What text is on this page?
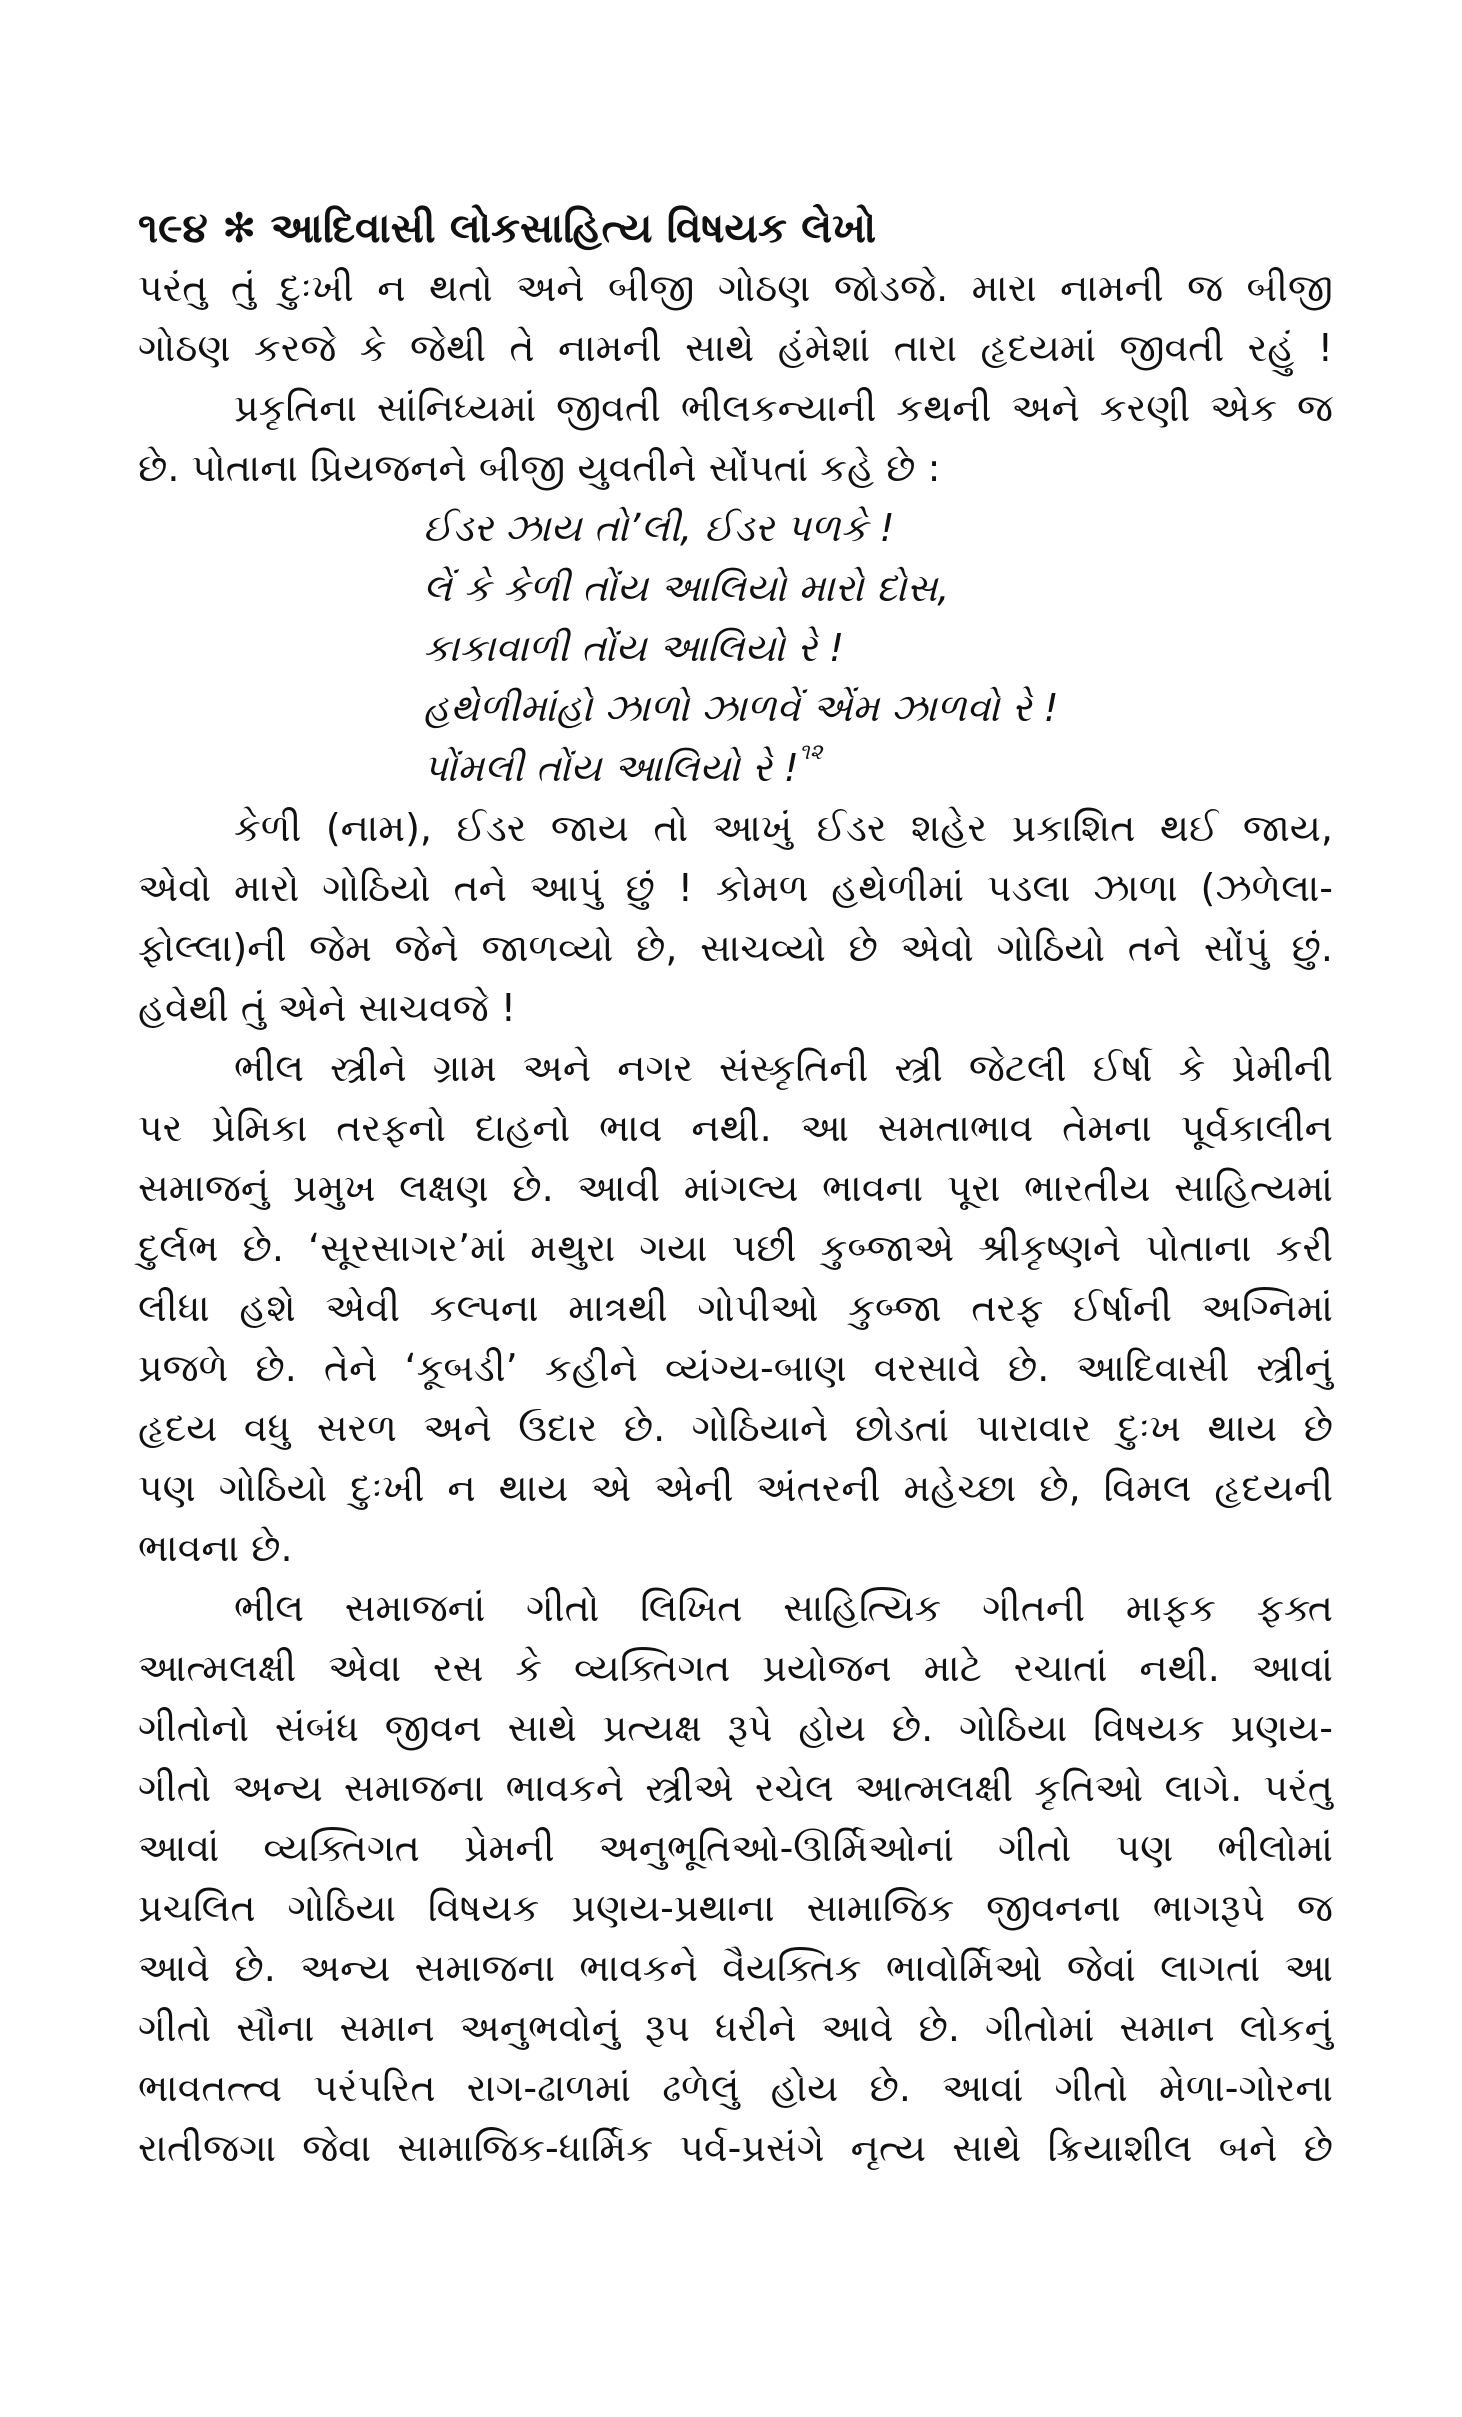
૧૯૪ ✻ આદિવાસી લોકસાહિત્ય વિષયક લેખો
પરંતુ તું દુઃખી ન થતો અને બીજી ગોઠણ જોડજે. મારા નામની જ બીજી
ગોઠણ કરજે કે જેથી તે નામની સાથે હંમેશાં તારા હૃદયમાં જીવતી રહું !
પ્રકૃતિના સાંનિધ્યમાં જીવતી ભીલકન્યાની કથની અને કરણી એક જ
છે. પોતાના પ્રિયજનને બીજી યુવતીને સોંપતાં કહે છે :
ઈડર ઝાય તો’લી, ઈડર પળકે !
લેં કે કેળી તોંય આલિયો મારો દોસ,
કાકાવાળી તોંય આલિયો રે !
હથેળીમાંહો ઝાળો ઝાળવેં એંમ ઝાળવો રે !
પોંમલી તોંય આલિયો રે !$^{૧૨}$
કેળી (નામ), ઈડર જાય તો આખું ઈડર શહેર પ્રકાશિત થઈ જાય,
એવો મારો ગોઠિયો તને આપું છું ! કોમળ હથેળીમાં પડલા ઝાળા (ઝળેલા-
ફોલ્લા)ની જેમ જેને જાળવ્યો છે, સાચવ્યો છે એવો ગોઠિયો તને સોંપું છું.
હવેથી તું એને સાચવજે !
ભીલ સ્ત્રીને ગ્રામ અને નગર સંસ્કૃતિની સ્ત્રી જેટલી ઈર્ષા કે પ્રેમીની
પર પ્રેમિકા તરફનો દાહનો ભાવ નથી. આ સમતાભાવ તેમના પૂર્વકાલીન
સમાજનું પ્રમુખ લક્ષણ છે. આવી માંગલ્ય ભાવના પૂરા ભારતીય સાહિત્યમાં
દુર્લભ છે. ‘સૂરસાગર’માં મથુરા ગયા પછી કુબ્જાએ શ્રીકૃષ્ણને પોતાના કરી
લીધા હશે એવી કલ્પના માત્રથી ગોપીઓ કુબ્જા તરફ ઈર્ષાની અગ્નિમાં
પ્રજળે છે. તેને ‘કૂબડી’ કહીને વ્યંગ્ય-બાણ વરસાવે છે. આદિવાસી સ્ત્રીનું
હૃદય વધુ સરળ અને ઉદાર છે. ગોઠિયાને છોડતાં પારાવાર દુઃખ થાય છે
પણ ગોઠિયો દુઃખી ન થાય એ એની અંતરની મહેચ્છા છે, વિમલ હૃદયની
ભાવના છે.
ભીલ સમાજનાં ગીતો લિખિત સાહિત્યિક ગીતની માફક ફક્ત
આત્મલક્ષી એવા રસ કે વ્યક્તિગત પ્રયોજન માટે રચાતાં નથી. આવાં
ગીતોનો સંબંધ જીવન સાથે પ્રત્યક્ષ રૂપે હોય છે. ગોઠિયા વિષયક પ્રણય-
ગીતો અન્ય સમાજના ભાવકને સ્ત્રીએ રચેલ આત્મલક્ષી કૃતિઓ લાગે. પરંતુ
આવાં વ્યક્તિગત પ્રેમની અનુભૂતિઓ-ઊર્મિઓનાં ગીતો પણ ભીલોમાં
પ્રચલિત ગોઠિયા વિષયક પ્રણય-પ્રથાના સામાજિક જીવનના ભાગરૂપે જ
આવે છે. અન્ય સમાજના ભાવકને વૈયક્તિક ભાવોર્મિઓ જેવાં લાગતાં આ
ગીતો સૌના સમાન અનુભવોનું રૂપ ધરીને આવે છે. ગીતોમાં સમાન લોકનું
ભાવતત્ત્વ પરંપરિત રાગ-ઢાળમાં ઢળેલું હોય છે. આવાં ગીતો મેળા-ગોરના
રાતીજગા જેવા સામાજિક-ધાર્મિક પર્વ-પ્રસંગે નૃત્ય સાથે ક્રિયાશીલ બને છે
